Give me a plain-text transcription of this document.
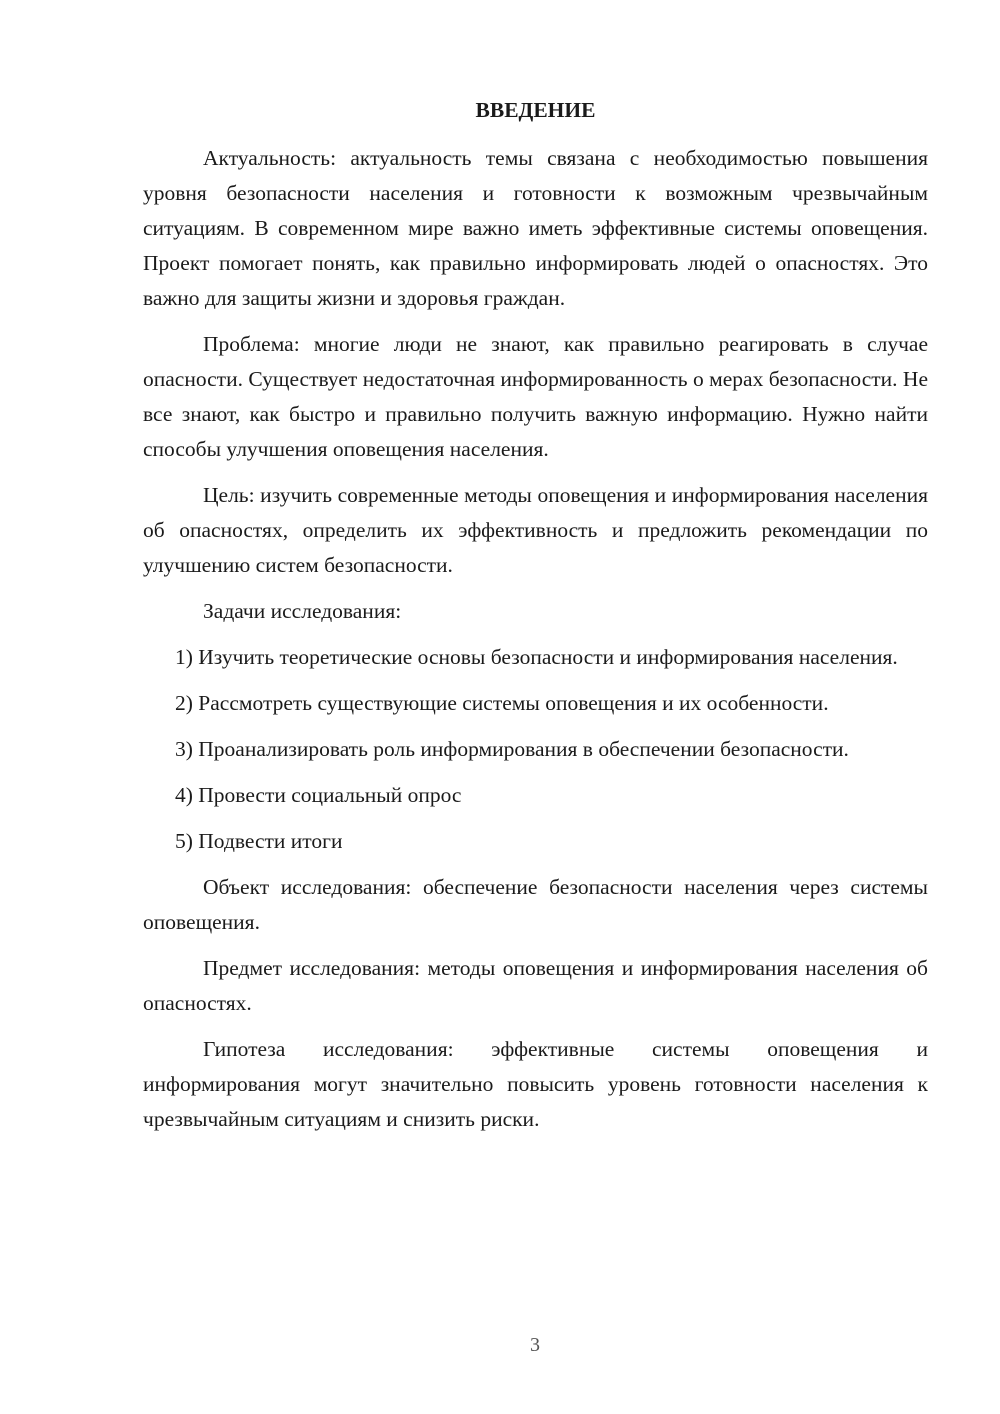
ВВЕДЕНИЕ

Актуальность: актуальность темы связана с необходимостью повышения уровня безопасности населения и готовности к возможным чрезвычайным ситуациям. В современном мире важно иметь эффективные системы оповещения. Проект помогает понять, как правильно информировать людей о опасностях. Это важно для защиты жизни и здоровья граждан.

Проблема: многие люди не знают, как правильно реагировать в случае опасности. Существует недостаточная информированность о мерах безопасности. Не все знают, как быстро и правильно получить важную информацию. Нужно найти способы улучшения оповещения населения.

Цель: изучить современные методы оповещения и информирования населения об опасностях, определить их эффективность и предложить рекомендации по улучшению систем безопасности.

Задачи исследования:

1) Изучить теоретические основы безопасности и информирования населения.

2) Рассмотреть существующие системы оповещения и их особенности.

3) Проанализировать роль информирования в обеспечении безопасности.

4) Провести социальный опрос

5) Подвести итоги

Объект исследования: обеспечение безопасности населения через системы оповещения.

Предмет исследования: методы оповещения и информирования населения об опасностях.

Гипотеза исследования: эффективные системы оповещения и информирования могут значительно повысить уровень готовности населения к чрезвычайным ситуациям и снизить риски.

3
